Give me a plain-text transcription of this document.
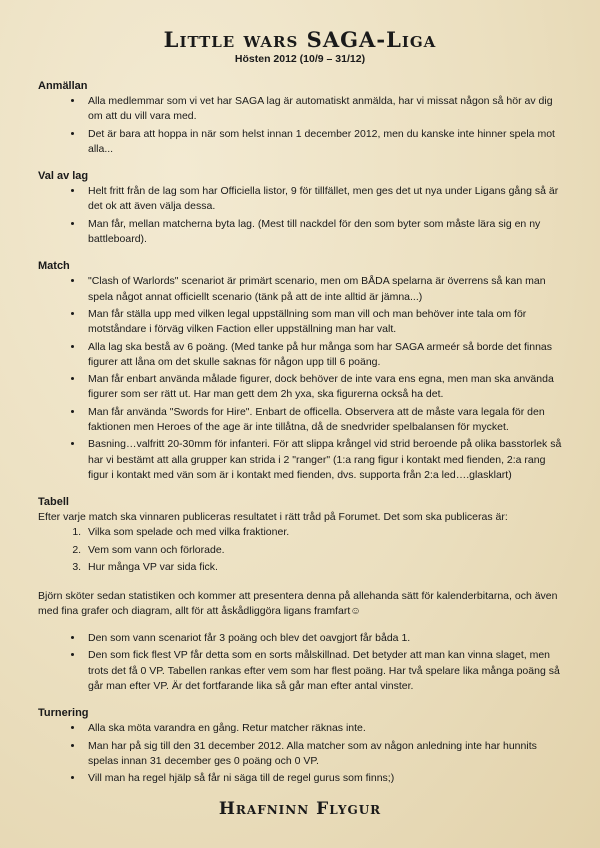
Little wars SAGA-Liga
Hösten 2012 (10/9 – 31/12)
Anmällan
• Alla medlemmar som vi vet har SAGA lag är automatiskt anmälda, har vi missat någon så hör av dig om att du vill vara med.
• Det är bara att hoppa in när som helst innan 1 december 2012, men du kanske inte hinner spela mot alla...
Val av lag
• Helt fritt från de lag som har Officiella listor, 9 för tillfället, men ges det ut nya under Ligans gång så är det ok att även välja dessa.
• Man får, mellan matcherna byta lag. (Mest till nackdel för den som byter som måste lära sig en ny battleboard).
Match
• "Clash of Warlords" scenariot är primärt scenario, men om BÅDA spelarna är överrens så kan man spela något annat officiellt scenario (tänk på att de inte alltid är jämna...)
• Man får ställa upp med vilken legal uppställning som man vill och man behöver inte tala om för motståndare i förväg vilken Faction eller uppställning man har valt.
• Alla lag ska bestå av 6 poäng. (Med tanke på hur många som har SAGA armeér så borde det finnas figurer att låna om det skulle saknas för någon upp till 6 poäng.
• Man får enbart använda målade figurer, dock behöver de inte vara ens egna, men man ska använda figurer som ser rätt ut. Har man gett dem 2h yxa, ska figurerna också ha det.
• Man får använda "Swords for Hire". Enbart de officella. Observera att de måste vara legala för den faktionen men Heroes of the age är inte tillåtna, då de snedvrider spelbalansen för mycket.
• Basning…valfritt 20-30mm för infanteri. För att slippa krångel vid strid beroende på olika basstorlek så har vi bestämt att alla grupper kan strida i 2 "ranger" (1:a rang figur i kontakt med fienden, 2:a rang figur i kontakt med vän som är i kontakt med fienden, dvs. supporta från 2:a led….glasklart)
Tabell

Efter varje match ska vinnaren publiceras resultatet i rätt tråd på Forumet. Det som ska publiceras är:

1. Vilka som spelade och med vilka fraktioner.
2. Vem som vann och förlorade.
3. Hur många VP var sida fick.

Björn sköter sedan statistiken och kommer att presentera denna på allehanda sätt för kalenderbitarna, och även med fina grafer och diagram, allt för att åskådliggöra ligans framfart☺

• Den som vann scenariot får 3 poäng och blev det oavgjort får båda 1.
• Den som fick flest VP får detta som en sorts målskillnad. Det betyder att man kan vinna slaget, men trots det få 0 VP. Tabellen rankas efter vem som har flest poäng. Har två spelare lika många poäng så går man efter VP. Är det fortfarande lika så går man efter antal vinster.
Turnering
• Alla ska möta varandra en gång. Retur matcher räknas inte.
• Man har på sig till den 31 december 2012. Alla matcher som av någon anledning inte har hunnits spelas innan 31 december ges 0 poäng och 0 VP.
• Vill man ha regel hjälp så får ni säga till de regel gurus som finns;)
Hrafninn Flygur
